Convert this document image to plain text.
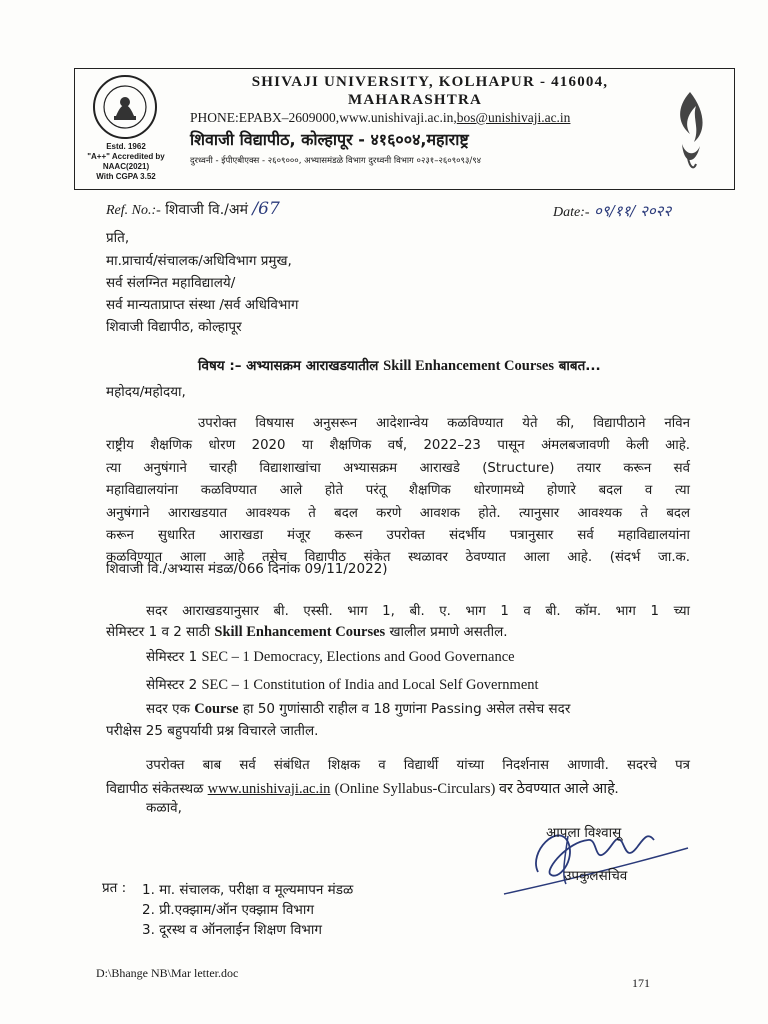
Estd. 1962
"A++" Accredited by
NAAC(2021)
With CGPA 3.52
SHIVAJI UNIVERSITY, KOLHAPUR - 416004,
MAHARASHTRA
PHONE:EPABX–2609000,www.unishivaji.ac.in,bos@unishivaji.ac.in
शिवाजी विद्यापीठ, कोल्हापूर - ४१६००४,महाराष्ट्र
दुरध्वनी - ईपीएबीएक्स - २६०९०००, अभ्यासमंडळे विभाग दुरध्वनी विभाग ०२३१–२६०९०९३/९४
Ref. No.:- शिवाजी वि./अमं /67	Date:- ०९/११/ २०२२
प्रति,
मा.प्राचार्य/संचालक/अधिविभाग प्रमुख,
सर्व संलग्नित महाविद्यालये/
सर्व मान्यताप्राप्त संस्था /सर्व अधिविभाग
शिवाजी विद्यापीठ, कोल्हापूर
विषय :– अभ्यासक्रम आराखडयातील Skill Enhancement Courses बाबत...
महोदय/महोदया,
उपरोक्त विषयास अनुसरून आदेशान्वेय कळविण्यात येते की, विद्यापीठाने नविन
राष्ट्रीय शैक्षणिक धोरण 2020 या शैक्षणिक वर्ष, 2022–23 पासून अंमलबजावणी केली आहे.
त्या अनुषंगाने चारही विद्याशाखांचा अभ्यासक्रम आराखडे (Structure) तयार करून सर्व
महाविद्यालयांना कळविण्यात आले होते परंतू शैक्षणिक धोरणामध्ये होणारे बदल व त्या
अनुषंगाने आराखडयात आवश्यक ते बदल करणे आवशक होते. त्यानुसार आवश्यक ते बदल
करून सुधारित आराखडा मंजूर करून उपरोक्त संदर्भीय पत्रानुसार सर्व महाविद्यालयांना
कळविण्यात आला आहे तसेच विद्यापीठ संकेत स्थळावर ठेवण्यात आला आहे. (संदर्भ जा.क.
शिवाजी वि./अभ्यास मंडळ/066 दिनांक 09/11/2022)
सदर आराखडयानुसार बी. एस्सी. भाग 1, बी. ए. भाग 1 व बी. कॉम. भाग 1 च्या
सेमिस्टर 1 व 2 साठी Skill Enhancement Courses खालील प्रमाणे असतील.
सेमिस्टर 1 SEC – 1 Democracy, Elections and Good Governance
सेमिस्टर 2 SEC – 1 Constitution of India and Local Self Government
सदर एक Course हा 50 गुणांसाठी राहील व 18 गुणांना Passing असेल तसेच सदर
परीक्षेस 25 बहुपर्यायी प्रश्न विचारले जातील.
उपरोक्त बाब सर्व संबंधित शिक्षक व विद्यार्थी यांच्या निदर्शनास आणावी. सदरचे पत्र
विद्यापीठ संकेतस्थळ www.unishivaji.ac.in (Online Syllabus-Circulars) वर ठेवण्यात आले आहे.
कळावे,
आपला विश्वासू
उपकुलसचिव
प्रत : 1. मा. संचालक, परीक्षा व मूल्यमापन मंडळ
2. प्री.एक्झाम/ऑन एक्झाम विभाग
3. दूरस्थ व ऑनलाईन शिक्षण विभाग
D:\Bhange NB\Mar letter.doc
171
